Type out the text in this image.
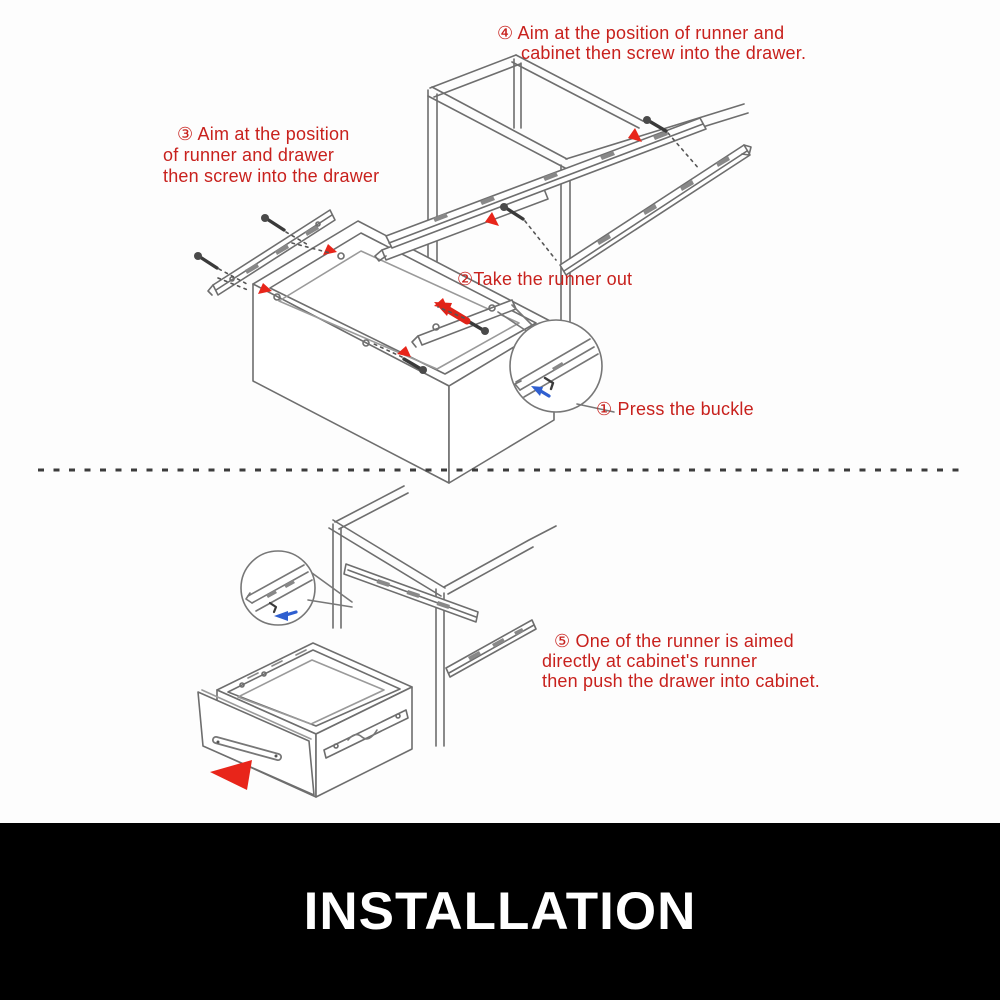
④ Aim at the position of runner and
cabinet then screw into the drawer.
③ Aim at the position
of runner and drawer
then screw into the drawer
②Take the runner out
① Press the buckle
⑤ One of the runner is aimed
directly at cabinet's runner
then push the drawer into cabinet.
INSTALLATION
